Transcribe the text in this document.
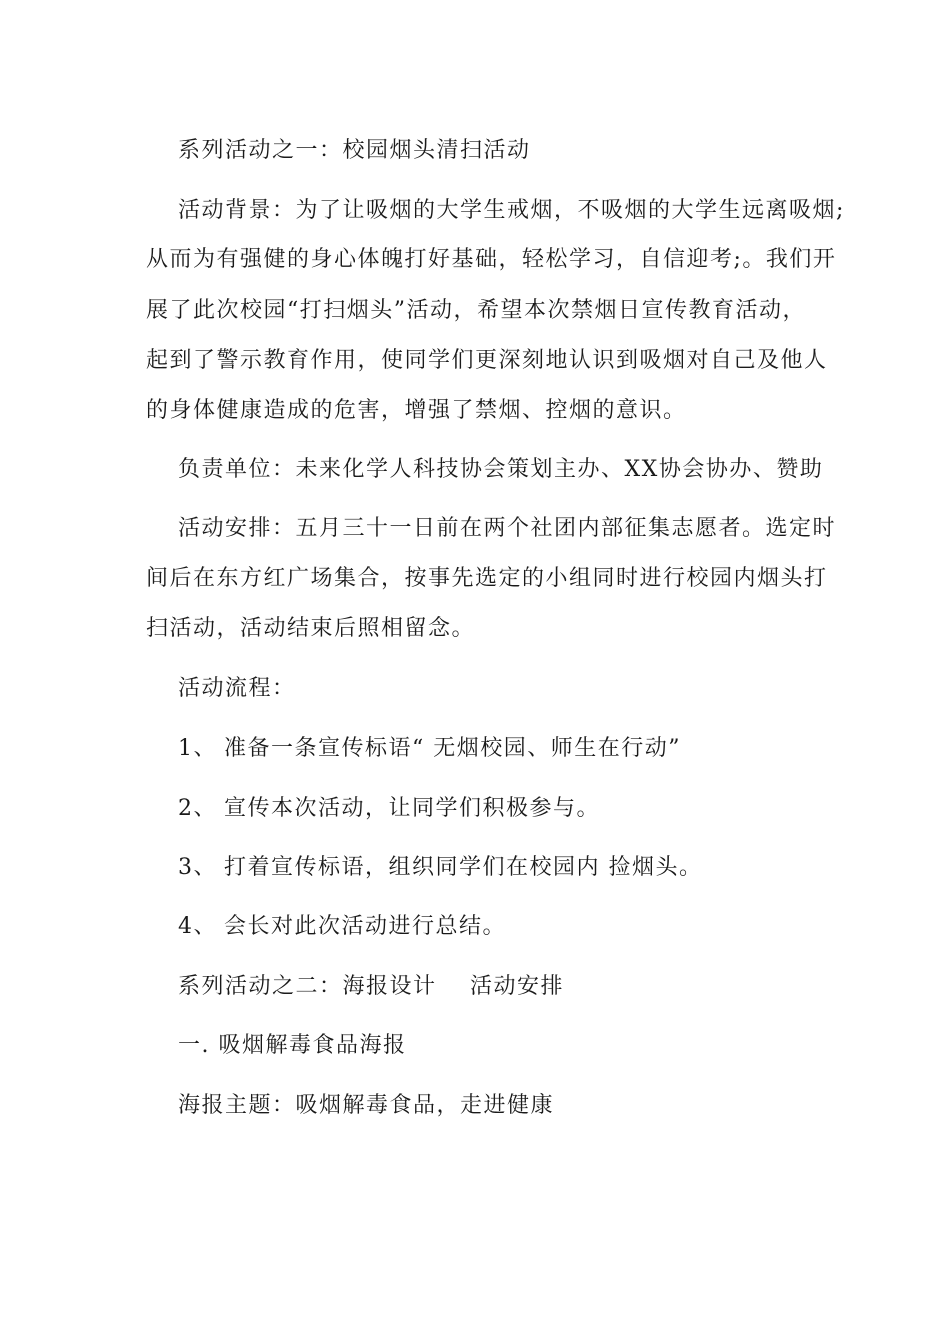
系列活动之一：校园烟头清扫活动
活动背景：为了让吸烟的大学生戒烟，不吸烟的大学生远离吸烟;
从而为有强健的身心体魄打好基础，轻松学习，自信迎考;。我们开
展了此次校园“打扫烟头”活动，希望本次禁烟日宣传教育活动，
起到了警示教育作用，使同学们更深刻地认识到吸烟对自己及他人
的身体健康造成的危害，增强了禁烟、控烟的意识。
负责单位：未来化学人科技协会策划主办、XX协会协办、赞助
活动安排：五月三十一日前在两个社团内部征集志愿者。选定时
间后在东方红广场集合，按事先选定的小组同时进行校园内烟头打
扫活动，活动结束后照相留念。
活动流程：
1、 准备一条宣传标语“ 无烟校园、师生在行动”
2、 宣传本次活动，让同学们积极参与。
3、 打着宣传标语，组织同学们在校园内 捡烟头。
4、 会长对此次活动进行总结。
系列活动之二：海报设计 活动安排
一. 吸烟解毒食品海报
海报主题：吸烟解毒食品，走进健康
